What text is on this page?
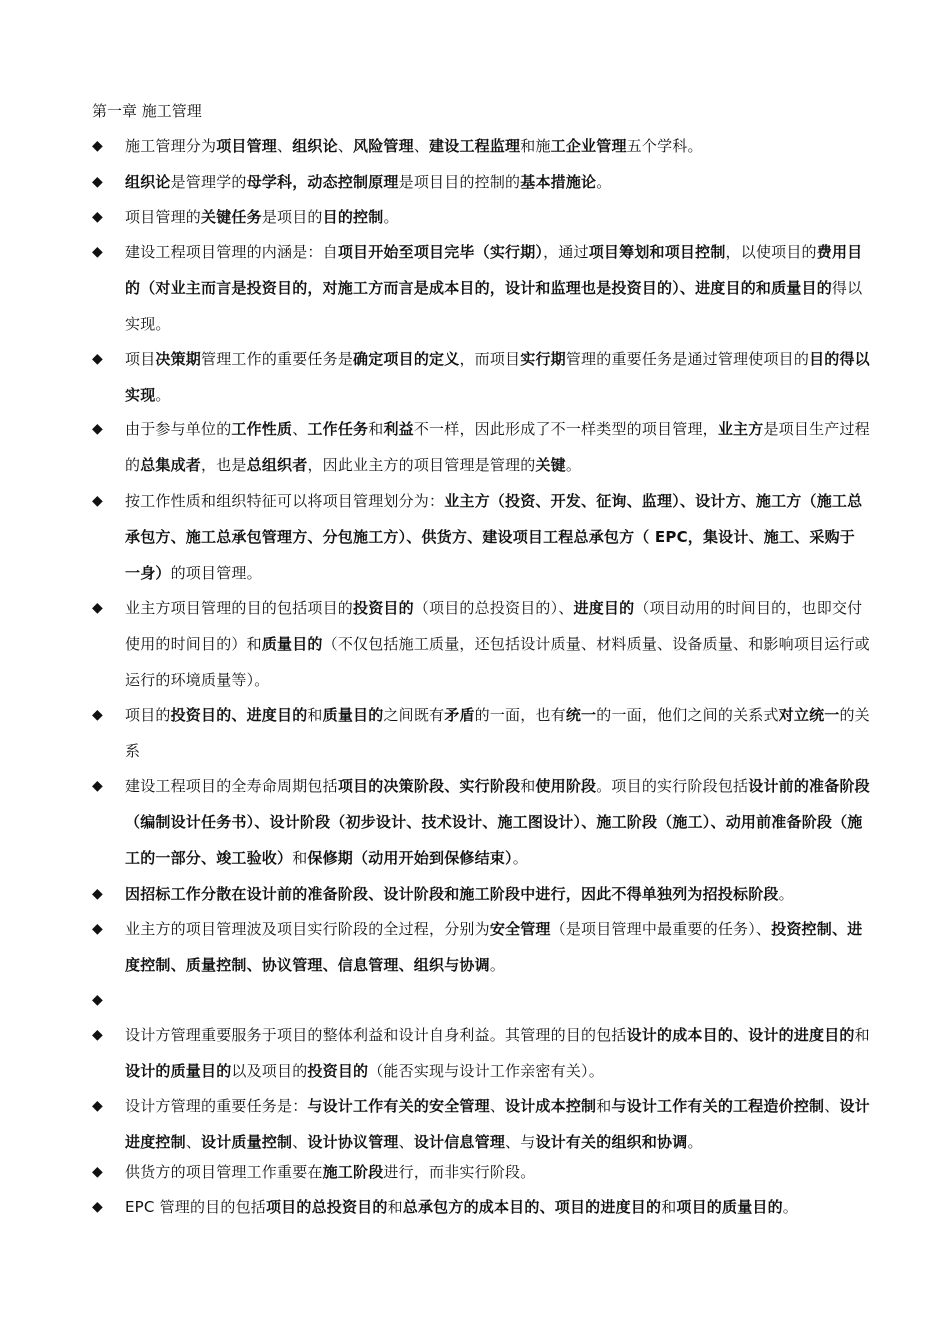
第一章 施工管理
◆ 施工管理分为项目管理、组织论、风险管理、建设工程监理和施工企业管理五个学科。
◆ 组织论是管理学的母学科，动态控制原理是项目目的控制的基本措施论。
◆ 项目管理的关键任务是项目的目的控制。
◆ 建设工程项目管理的内涵是：自项目开始至项目完毕（实行期），通过项目筹划和项目控制，以使项目的费用目的（对业主而言是投资目的，对施工方而言是成本目的，设计和监理也是投资目的）、进度目的和质量目的得以实现。
◆ 项目决策期管理工作的重要任务是确定项目的定义，而项目实行期管理的重要任务是通过管理使项目的目的得以实现。
◆ 由于参与单位的工作性质、工作任务和利益不一样，因此形成了不一样类型的项目管理，业主方是项目生产过程的总集成者，也是总组织者，因此业主方的项目管理是管理的关键。
◆ 按工作性质和组织特征可以将项目管理划分为：业主方（投资、开发、征询、监理）、设计方、施工方（施工总承包方、施工总承包管理方、分包施工方）、供货方、建设项目工程总承包方（ EPC，集设计、施工、采购于一身）的项目管理。
◆ 业主方项目管理的目的包括项目的投资目的（项目的总投资目的）、进度目的（项目动用的时间目的，也即交付使用的时间目的）和质量目的（不仅包括施工质量，还包括设计质量、材料质量、设备质量、和影响项目运行或运行的环境质量等）。
◆ 项目的投资目的、进度目的和质量目的之间既有矛盾的一面，也有统一的一面，他们之间的关系式对立统一的关系
◆ 建设工程项目的全寿命周期包括项目的决策阶段、实行阶段和使用阶段。项目的实行阶段包括设计前的准备阶段（编制设计任务书）、设计阶段（初步设计、技术设计、施工图设计）、施工阶段（施工）、动用前准备阶段（施工的一部分、竣工验收）和保修期（动用开始到保修结束）。
◆ 因招标工作分散在设计前的准备阶段、设计阶段和施工阶段中进行，因此不得单独列为招投标阶段。
◆ 业主方的项目管理波及项目实行阶段的全过程，分别为安全管理（是项目管理中最重要的任务）、投资控制、进度控制、质量控制、协议管理、信息管理、组织与协调。
◆
◆ 设计方管理重要服务于项目的整体利益和设计自身利益。其管理的目的包括设计的成本目的、设计的进度目的和设计的质量目的以及项目的投资目的（能否实现与设计工作亲密有关）。
◆ 设计方管理的重要任务是：与设计工作有关的安全管理、设计成本控制和与设计工作有关的工程造价控制、设计进度控制、设计质量控制、设计协议管理、设计信息管理、与设计有关的组织和协调。
◆ 供货方的项目管理工作重要在施工阶段进行，而非实行阶段。
◆ EPC 管理的目的包括项目的总投资目的和总承包方的成本目的、项目的进度目的和项目的质量目的。
